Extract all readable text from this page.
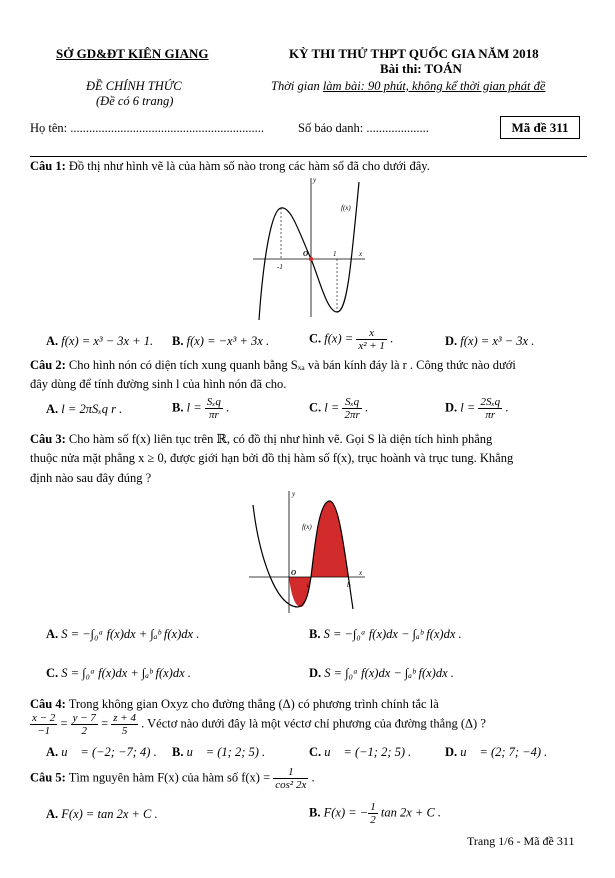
SỞ GD&ĐT KIÊN GIANG	KỲ THI THỬ THPT QUỐC GIA NĂM 2018
Bài thi: TOÁN
ĐỀ CHÍNH THỨC
(Đề có 6 trang)
Thời gian làm bài: 90 phút, không kể thời gian phát đề
Họ tên: ..............................................................	Số báo danh: ....................	Mã đề 311
Câu 1: Đồ thị như hình vẽ là của hàm số nào trong các hàm số đã cho dưới đây.
y
x
f(x)
O	1
-1
A. f(x) = x³ − 3x + 1. B. f(x) = −x³ + 3x .	C. $f(x) = \frac{x}{\text{x² + 1}}$ .	D. f(x) = x³ − 3x .
Câu 2: Cho hình nón có diện tích xung quanh bằng Sₓₐ và bán kính đáy là r . Công thức nào dưới
đây dùng để tính đường sinh l của hình nón đã cho.
A. l = 2πSₓq r .	B. $l = \frac{\text{Sₓq}}{\pi r}$ .	C. $l = \frac{\text{Sₓq}}{2\pi r}$ .	D. $l = \frac{\text{2Sₓq}}{\pi r}$ .
Câu 3: Cho hàm số f(x) liên tục trên ℝ, có đồ thị như hình vẽ. Gọi S là diện tích hình phẳng
thuộc nửa mặt phẳng x ≥ 0, được giới hạn bởi đồ thị hàm số f(x), trục hoành và trục tung. Khẳng
định nào sau đây đúng ?
y
x
f(x)
O
a	b
A. S = −∫₀ᵃ f(x)dx + ∫ₐᵇ f(x)dx .	B. S = −∫₀ᵃ f(x)dx − ∫ₐᵇ f(x)dx .
C. S = ∫₀ᵃ f(x)dx + ∫ₐᵇ f(x)dx .	D. S = ∫₀ᵃ f(x)dx − ∫ₐᵇ f(x)dx .
Câu 4: Trong không gian Oxyz cho đường thẳng (Δ) có phương trình chính tắc là
$\frac{x - 2}{-1} = \frac{y - 7}{2} = \frac{z + 4}{5}$ . Véctơ nào dưới đây là một véctơ chỉ phương của đường thẳng (Δ) ?
A. u⃗ = (−2; −7; 4) . B. u⃗ = (1; 2; 5) .	C. u⃗ = (−1; 2; 5) .	D. u⃗ = (2; 7; −4) .
Câu 5: Tìm nguyên hàm F(x) của hàm số $f(x) = \frac{1}{\text{cos² 2x}}$ .
A. F(x) = tan 2x + C .	B. F(x) = − $\frac{1}{2}$ tan 2x + C .
Trang 1/6 - Mã đề 311
